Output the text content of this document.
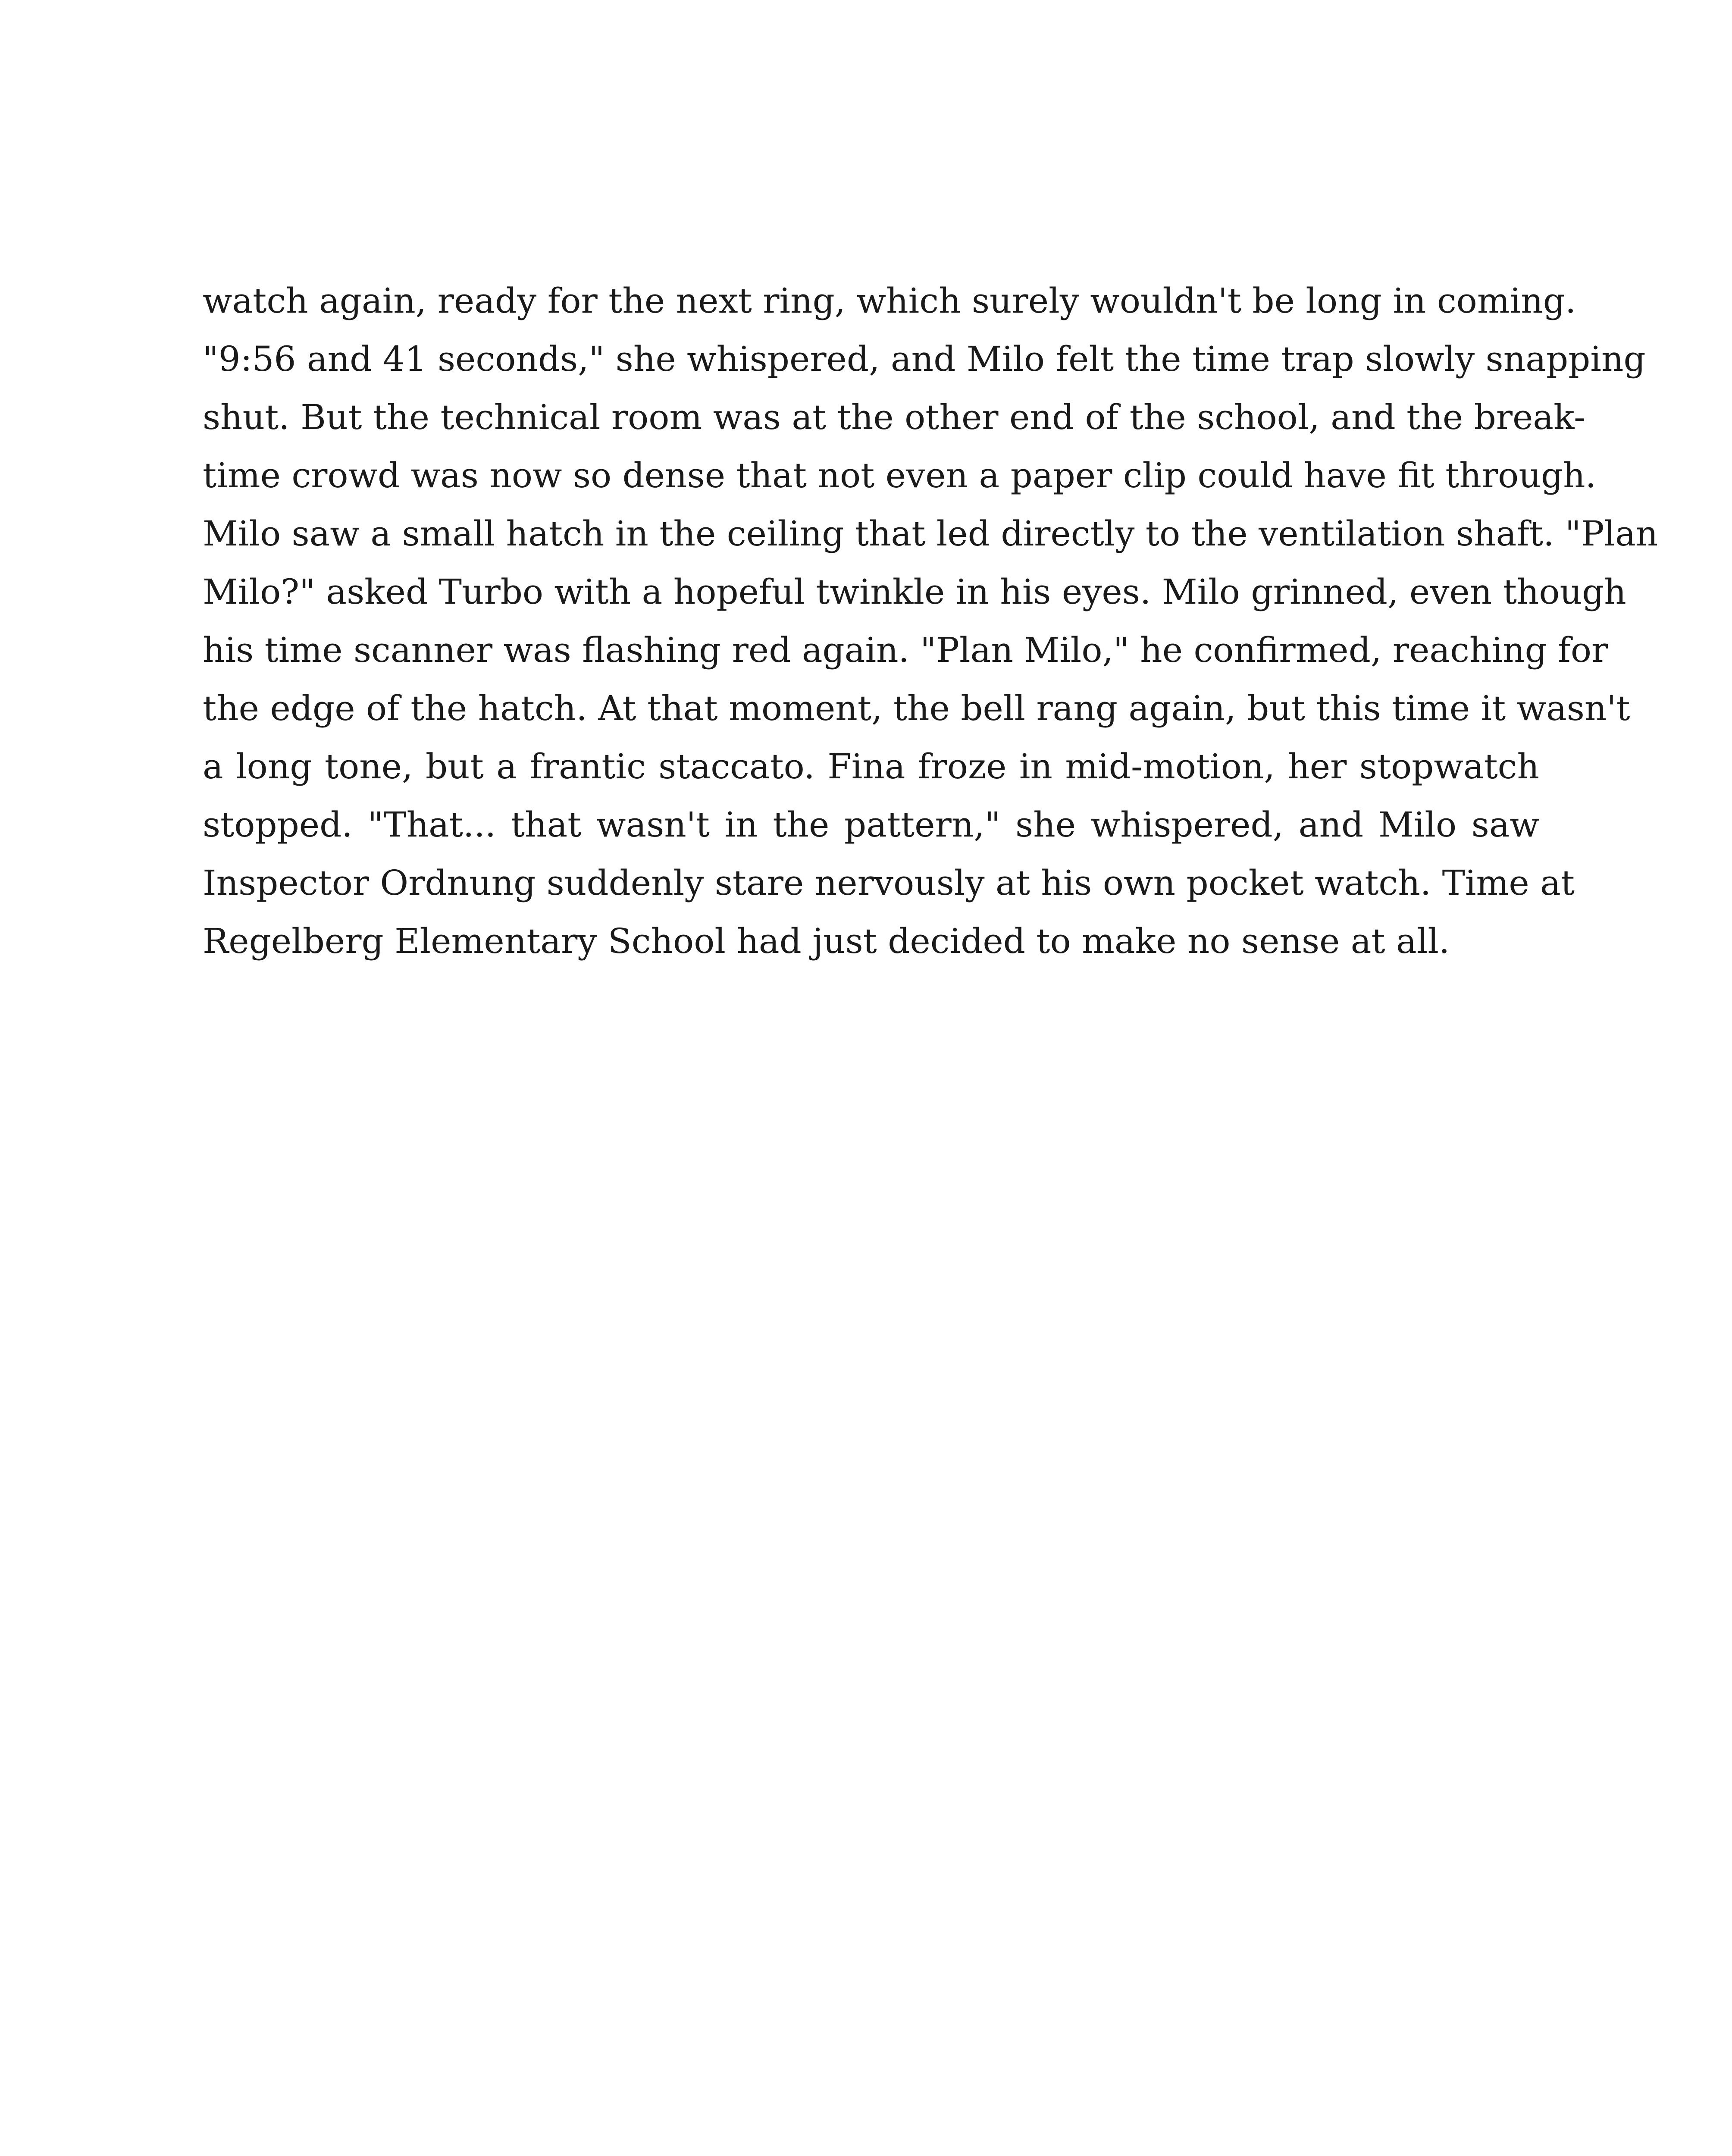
watch again, ready for the next ring, which surely wouldn't be long in coming.
"9:56 and 41 seconds," she whispered, and Milo felt the time trap slowly snapping
shut. But the technical room was at the other end of the school, and the break-
time crowd was now so dense that not even a paper clip could have fit through.
Milo saw a small hatch in the ceiling that led directly to the ventilation shaft. "Plan
Milo?" asked Turbo with a hopeful twinkle in his eyes. Milo grinned, even though
his time scanner was flashing red again. "Plan Milo," he confirmed, reaching for
the edge of the hatch. At that moment, the bell rang again, but this time it wasn't
a long tone, but a frantic staccato. Fina froze in mid-motion, her stopwatch
stopped. "That... that wasn't in the pattern," she whispered, and Milo saw
Inspector Ordnung suddenly stare nervously at his own pocket watch. Time at
Regelberg Elementary School had just decided to make no sense at all.
